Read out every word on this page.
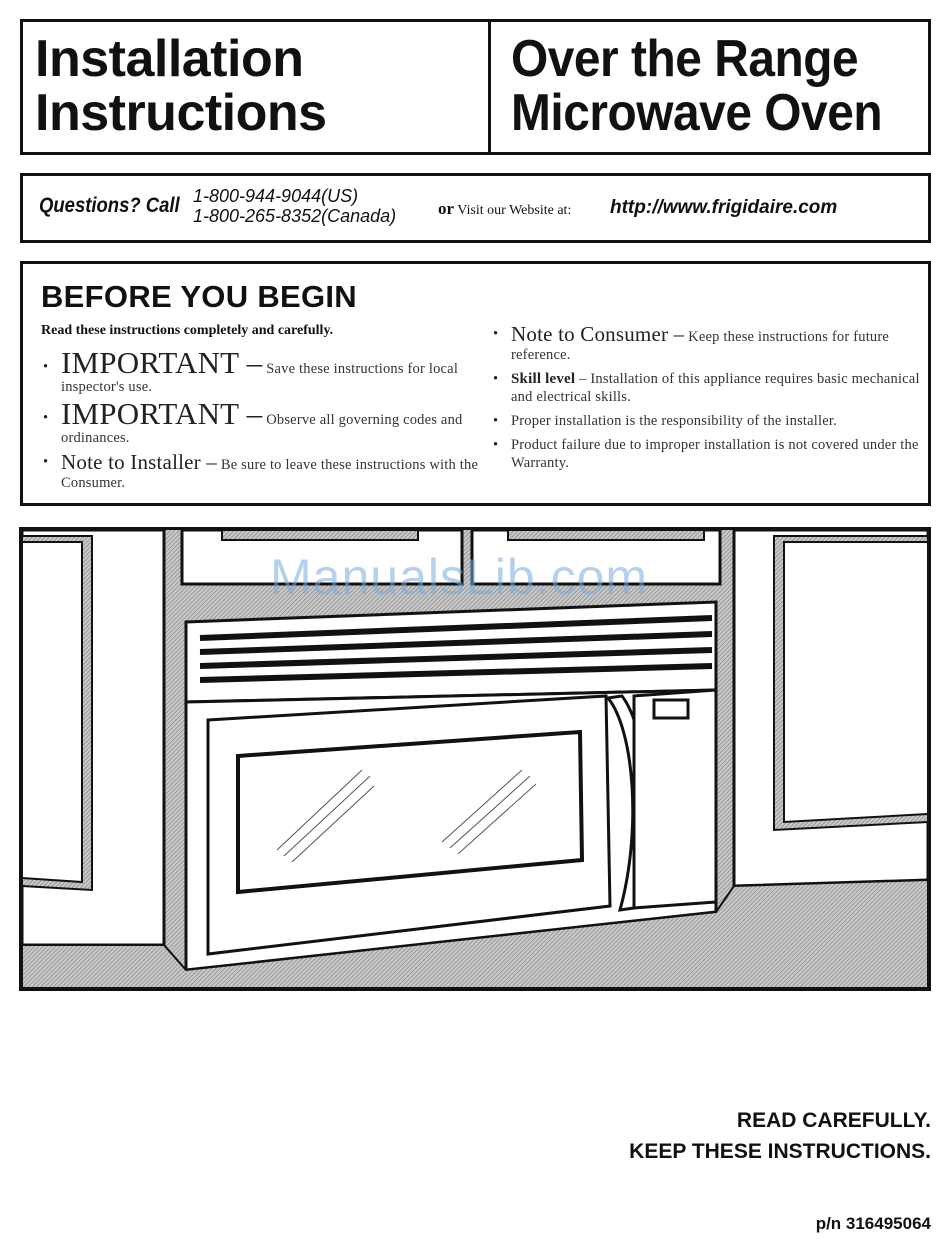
Installation
Instructions
Over the Range
Microwave Oven
Questions? Call 1-800-944-9044(US)
1-800-265-8352(Canada) or Visit our Website at: http://www.frigidaire.com
BEFORE YOU BEGIN
Read these instructions completely and carefully.
• IMPORTANT – Save these instructions for local inspector's use.
• IMPORTANT – Observe all governing codes and ordinances.
• Note to Installer – Be sure to leave these instructions with the Consumer.
• Note to Consumer – Keep these instructions for future reference.
• Skill level – Installation of this appliance requires basic mechanical and electrical skills.
• Proper installation is the responsibility of the installer.
• Product failure due to improper installation is not covered under the Warranty.
ManualsLib.com
READ CAREFULLY.
KEEP THESE INSTRUCTIONS.
p/n 316495064
